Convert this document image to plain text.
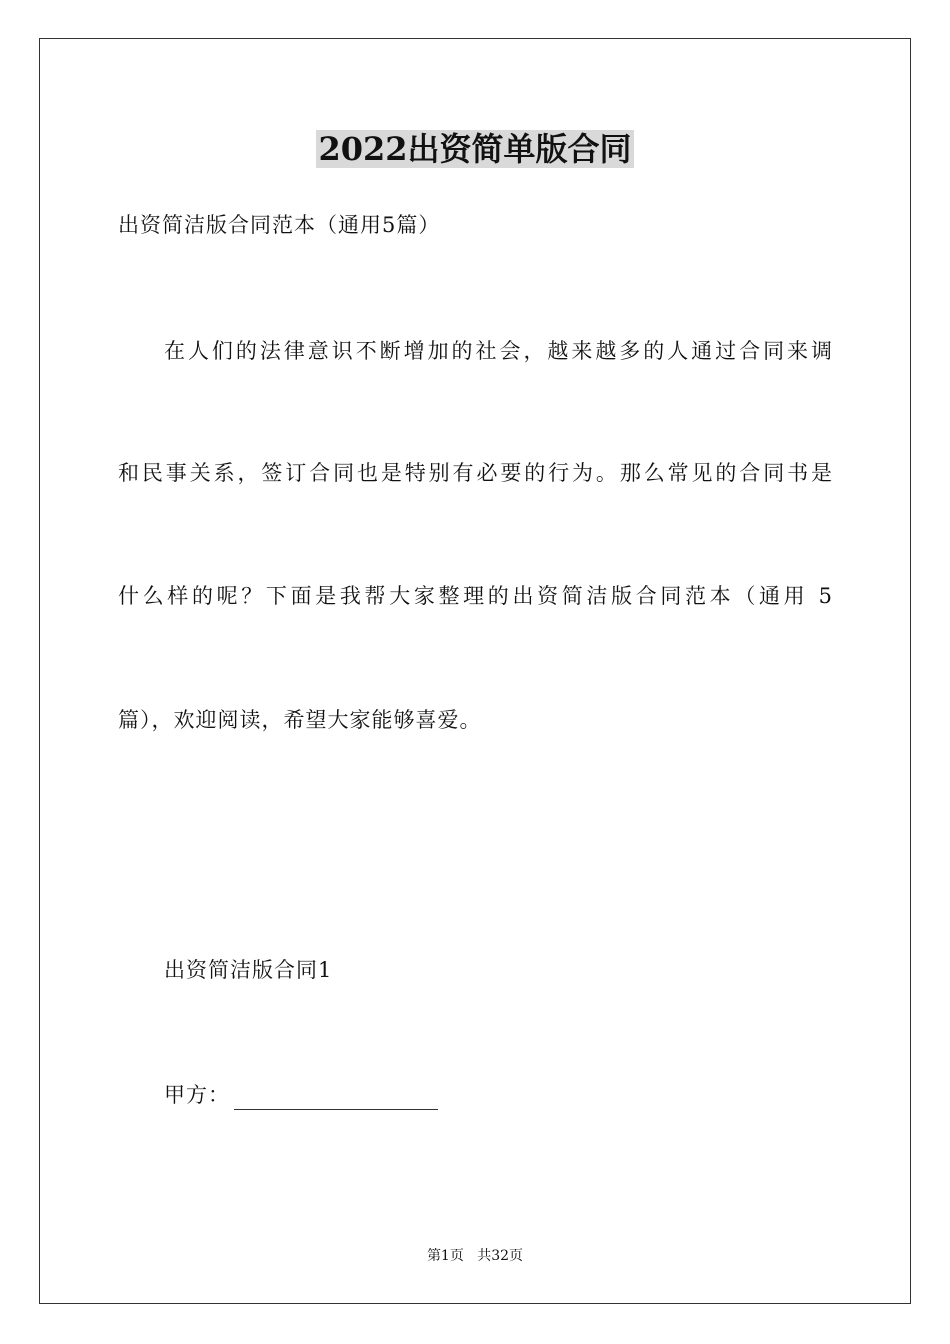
2022出资简单版合同

出资简洁版合同范本（通用5篇）

在人们的法律意识不断增加的社会，越来越多的人通过合同来调

和民事关系，签订合同也是特别有必要的行为。那么常见的合同书是

什么样的呢？下面是我帮大家整理的出资简洁版合同范本（通用 5

篇），欢迎阅读，希望大家能够喜爱。

出资简洁版合同1

甲方：

第1页 共32页
